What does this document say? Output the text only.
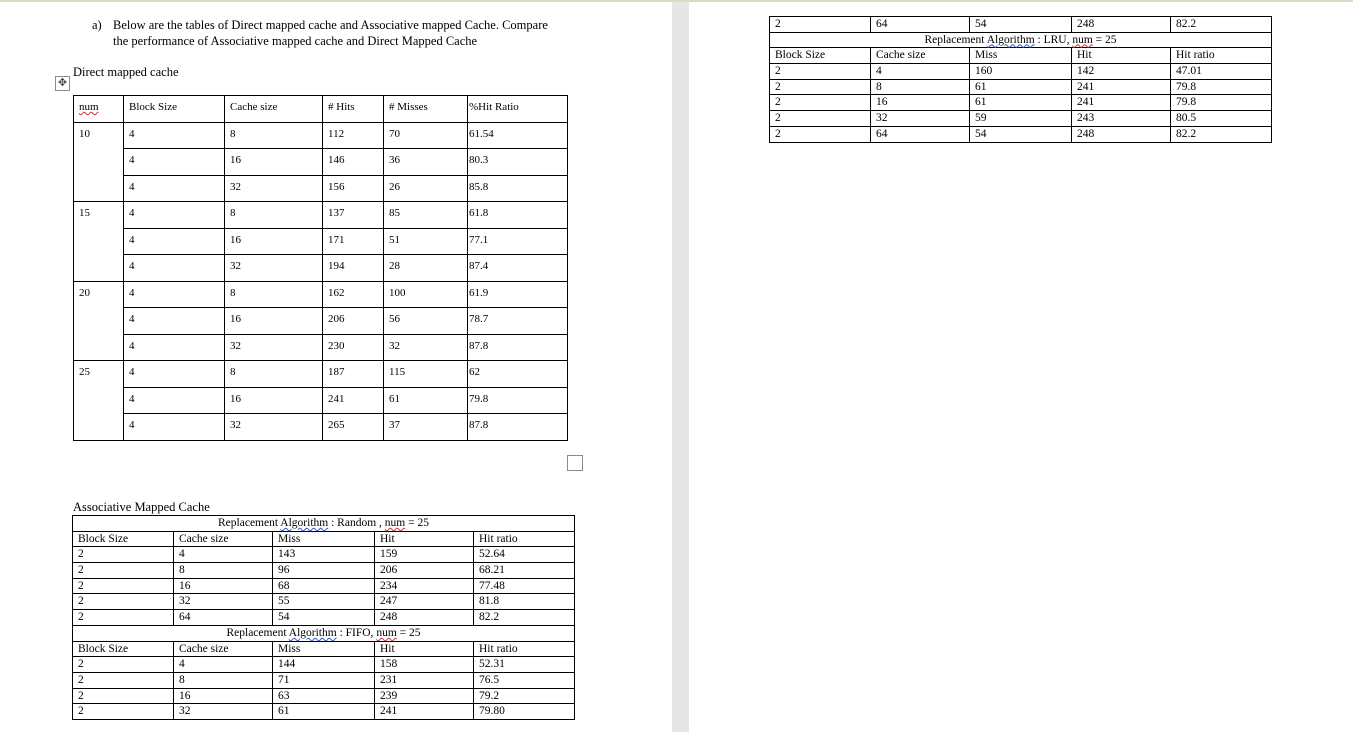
a) Below are the tables of Direct mapped cache and Associative mapped Cache. Compare
the performance of Associative mapped cache and Direct Mapped Cache
Direct mapped cache
✥
num	Block Size	Cache size	# Hits	# Misses	%Hit Ratio
10	4	8	112	70	61.54
	4	16	146	36	80.3
	4	32	156	26	85.8
15	4	8	137	85	61.8
	4	16	171	51	77.1
	4	32	194	28	87.4
20	4	8	162	100	61.9
	4	16	206	56	78.7
	4	32	230	32	87.8
25	4	8	187	115	62
	4	16	241	61	79.8
	4	32	265	37	87.8
Associative Mapped Cache
Replacement Algorithm : Random , num = 25				
Block Size	Cache size	Miss	Hit	Hit ratio
2	4	143	159	52.64
2	8	96	206	68.21
2	16	68	234	77.48
2	32	55	247	81.8
2	64	54	248	82.2
Replacement Algorithm : FIFO, num = 25				
Block Size	Cache size	Miss	Hit	Hit ratio
2	4	144	158	52.31
2	8	71	231	76.5
2	16	63	239	79.2
2	32	61	241	79.80
2	64	54	248	82.2
Replacement Algorithm : LRU, num = 25				
Block Size	Cache size	Miss	Hit	Hit ratio
2	4	160	142	47.01
2	8	61	241	79.8
2	16	61	241	79.8
2	32	59	243	80.5
2	64	54	248	82.2
